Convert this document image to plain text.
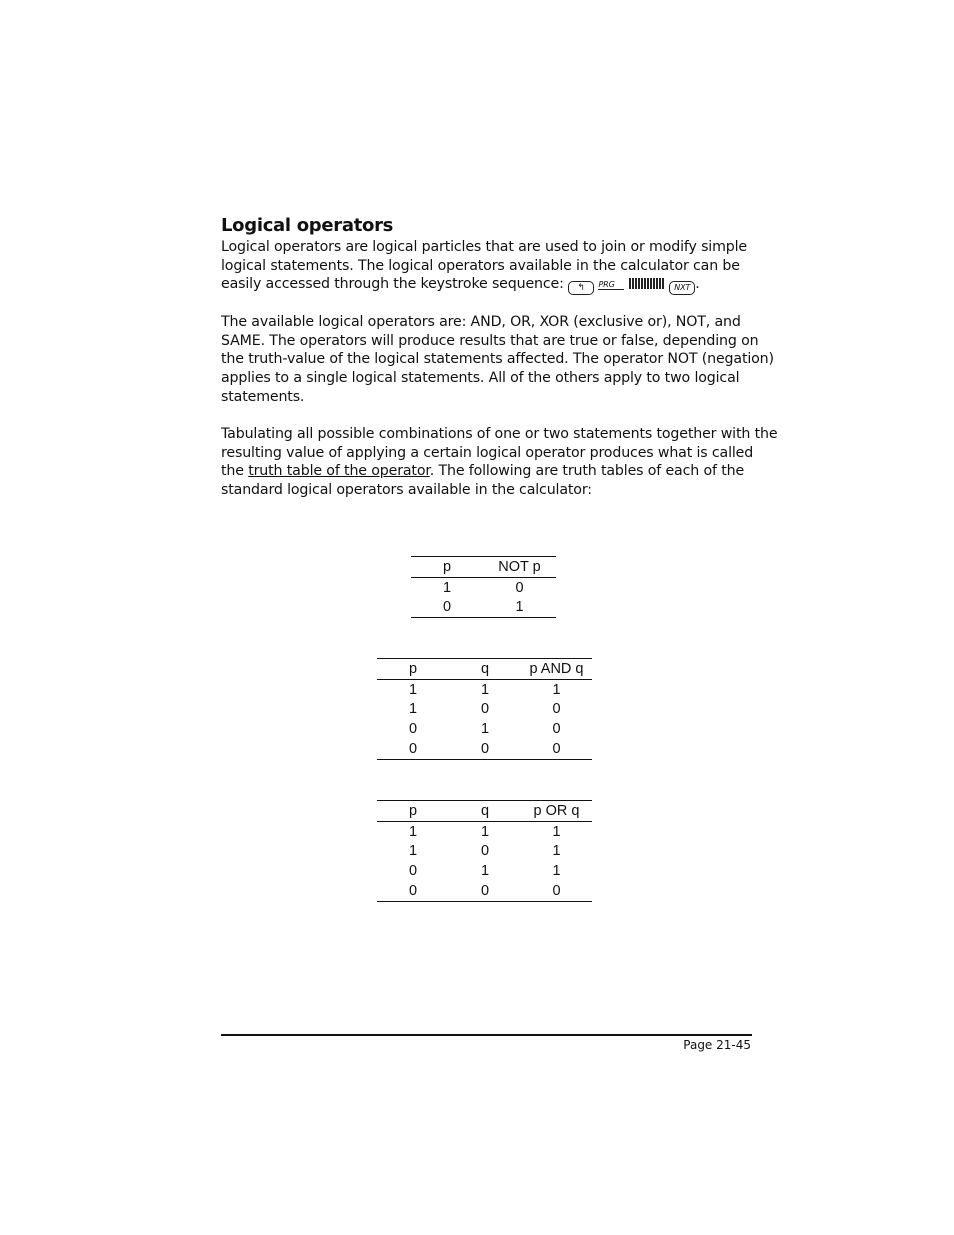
Logical operators
Logical operators are logical particles that are used to join or modify simple
logical statements. The logical operators available in the calculator can be
easily accessed through the keystroke sequence: ↰ PRG	NXT .
The available logical operators are: AND, OR, XOR (exclusive or), NOT, and
SAME. The operators will produce results that are true or false, depending on
the truth-value of the logical statements affected. The operator NOT (negation)
applies to a single logical statements. All of the others apply to two logical
statements.
Tabulating all possible combinations of one or two statements together with the
resulting value of applying a certain logical operator produces what is called
the truth table of the operator. The following are truth tables of each of the
standard logical operators available in the calculator:
p	NOT p
1	0
0	1
p	q	p AND q
1	1	1
1	0	0
0	1	0
0	0	0
p	q	p OR q
1	1	1
1	0	1
0	1	1
0	0	0
Page 21-45
